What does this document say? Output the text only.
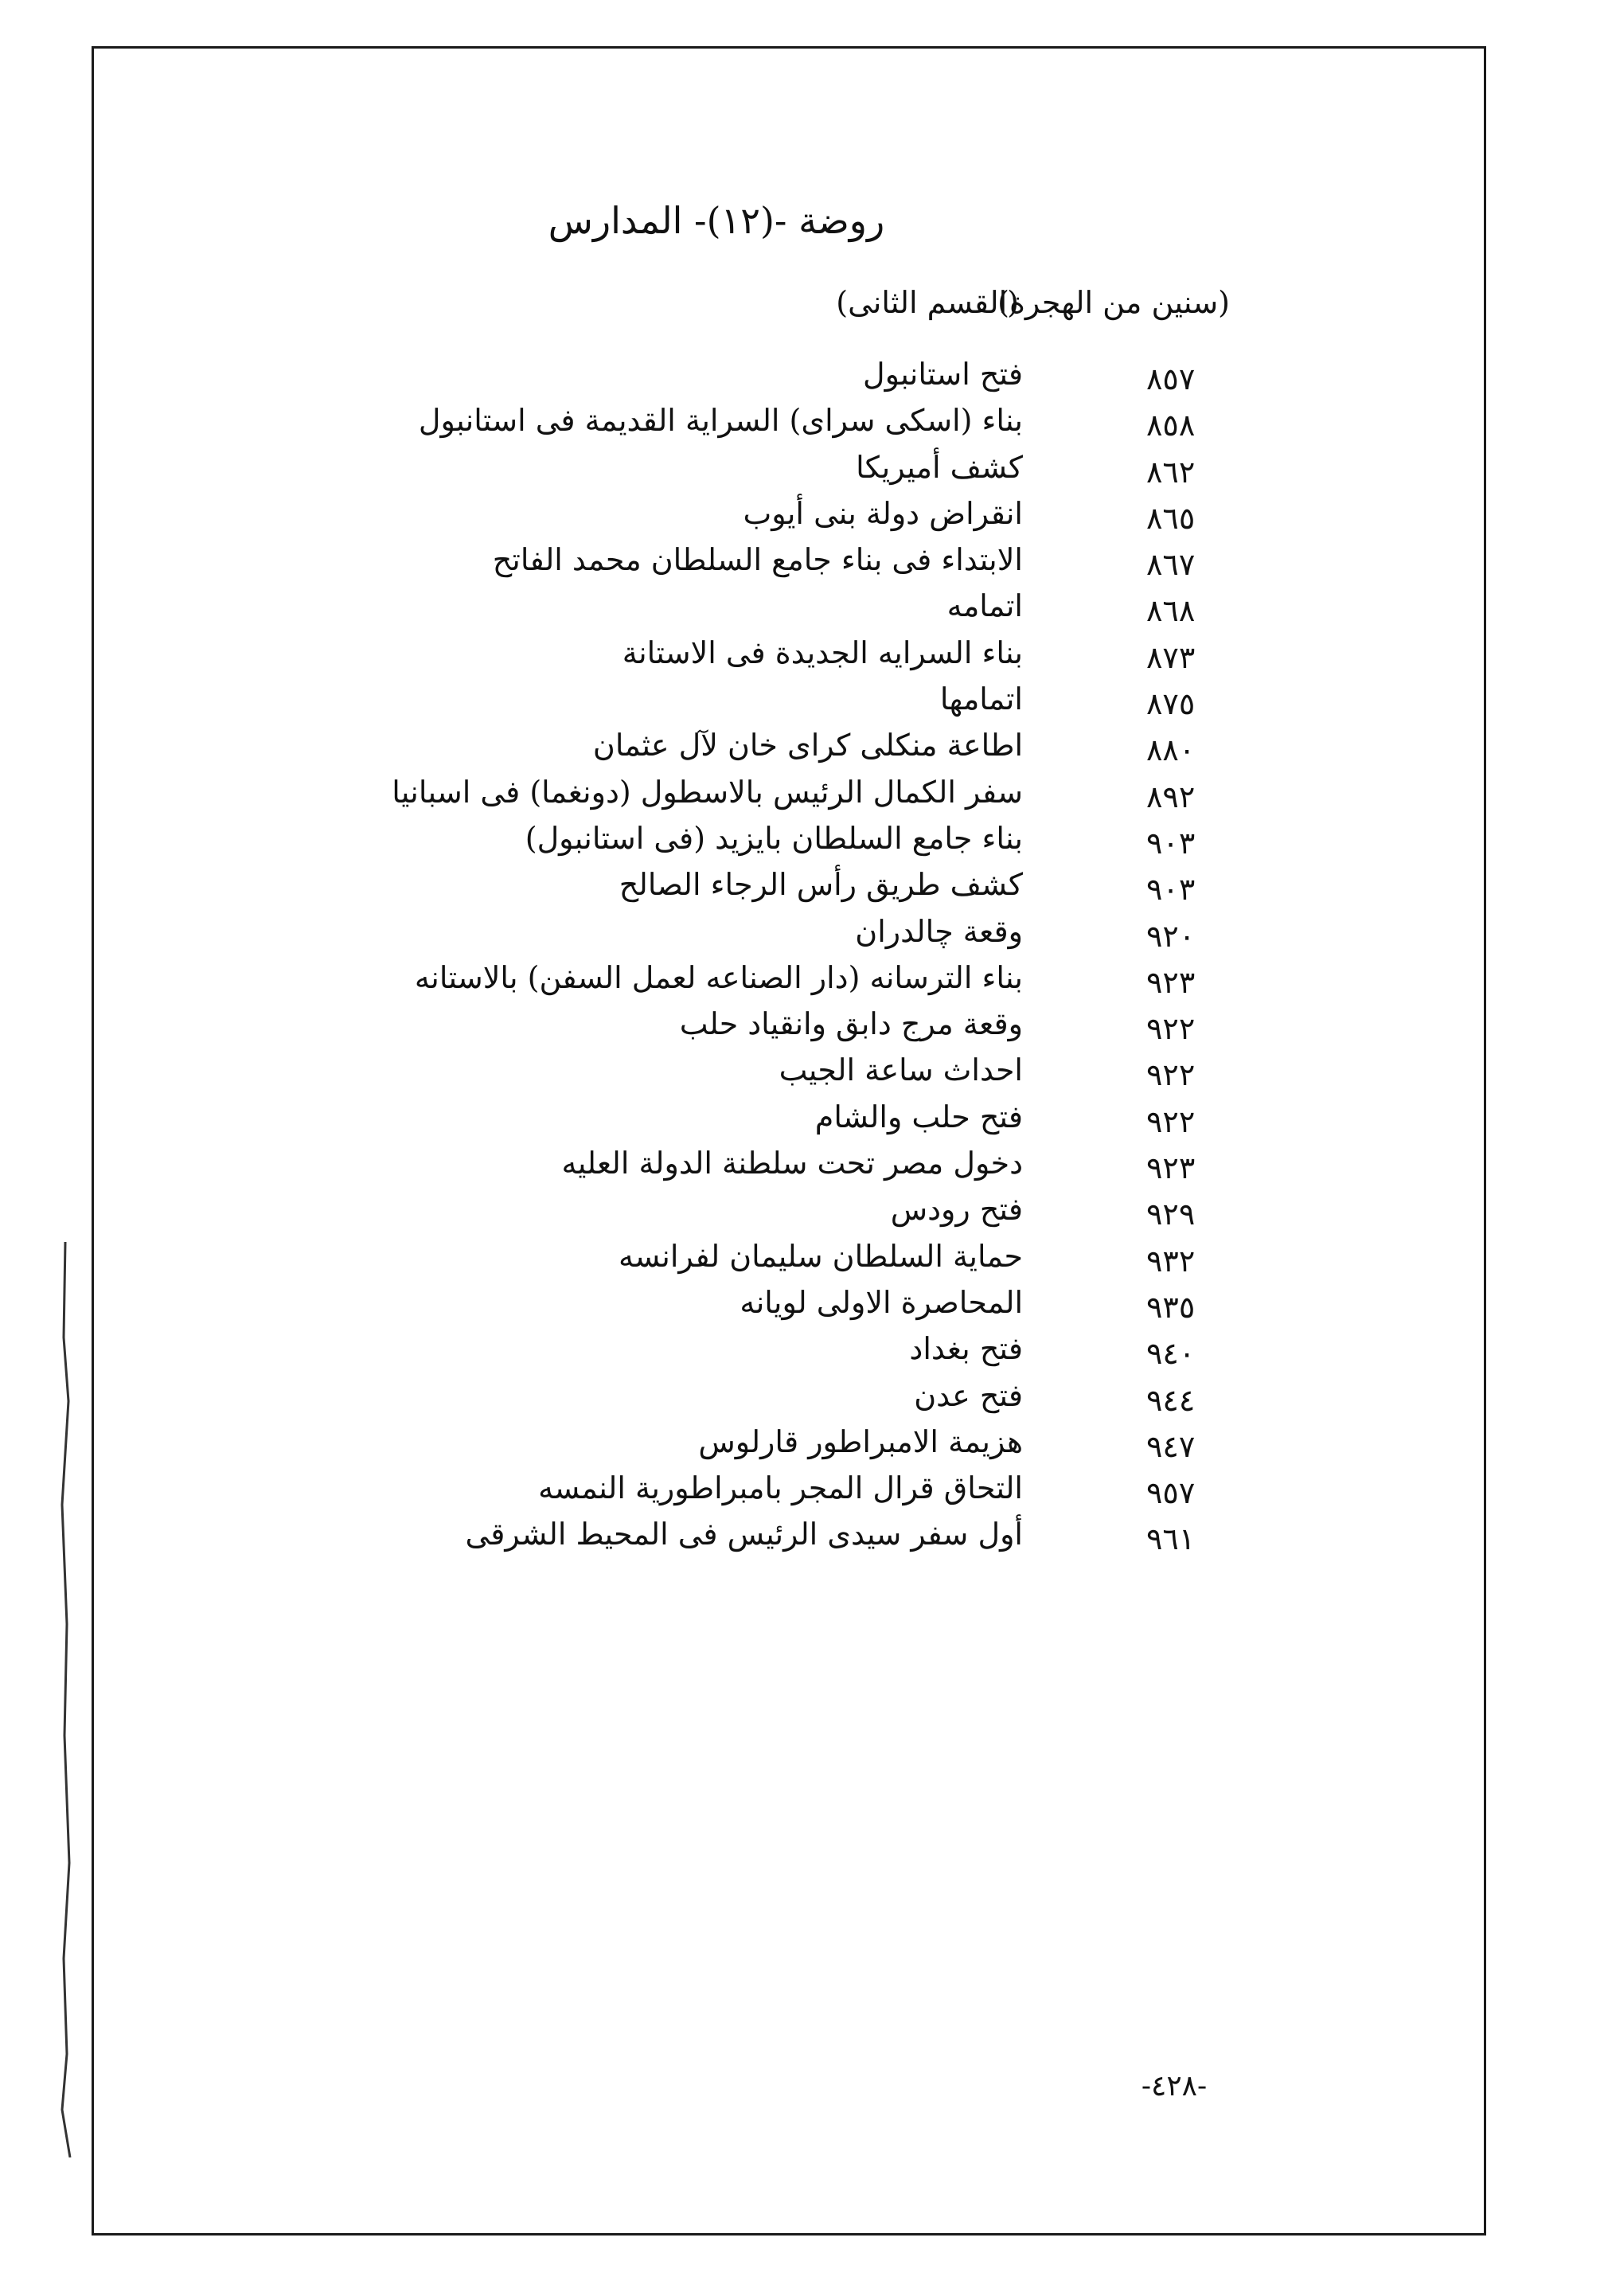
روضة -(١٢)- المدارس
(سنين من الهجرة)
(القسم الثانى)
٨٥٧
فتح استانبول
٨٥٨
بناء (اسكى سراى) السراية القديمة فى استانبول
٨٦٢
كشف أميريكا
٨٦٥
انقراض دولة بنى أيوب
٨٦٧
الابتداء فى بناء جامع السلطان محمد الفاتح
٨٦٨
اتمامه
٨٧٣
بناء السرايه الجديدة فى الاستانة
٨٧٥
اتمامها
٨٨٠
اطاعة منكلى كراى خان لآل عثمان
٨٩٢
سفر الكمال الرئيس بالاسطول (دونغما) فى اسبانيا
٩٠٣
بناء جامع السلطان بايزيد (فى استانبول)
٩٠٣
كشف طريق رأس الرجاء الصالح
٩٢٠
وقعة چالدران
٩٢٣
بناء الترسانه (دار الصناعه لعمل السفن) بالاستانه
٩٢٢
وقعة مرج دابق وانقياد حلب
٩٢٢
احداث ساعة الجيب
٩٢٢
فتح حلب والشام
٩٢٣
دخول مصر تحت سلطنة الدولة العليه
٩٢٩
فتح رودس
٩٣٢
حماية السلطان سليمان لفرانسه
٩٣٥
المحاصرة الاولى لويانه
٩٤٠
فتح بغداد
٩٤٤
فتح عدن
٩٤٧
هزيمة الامبراطور قارلوس
٩٥٧
التحاق قرال المجر بامبراطورية النمسه
٩٦١
أول سفر سيدى الرئيس فى المحيط الشرقى
-٤٢٨-
